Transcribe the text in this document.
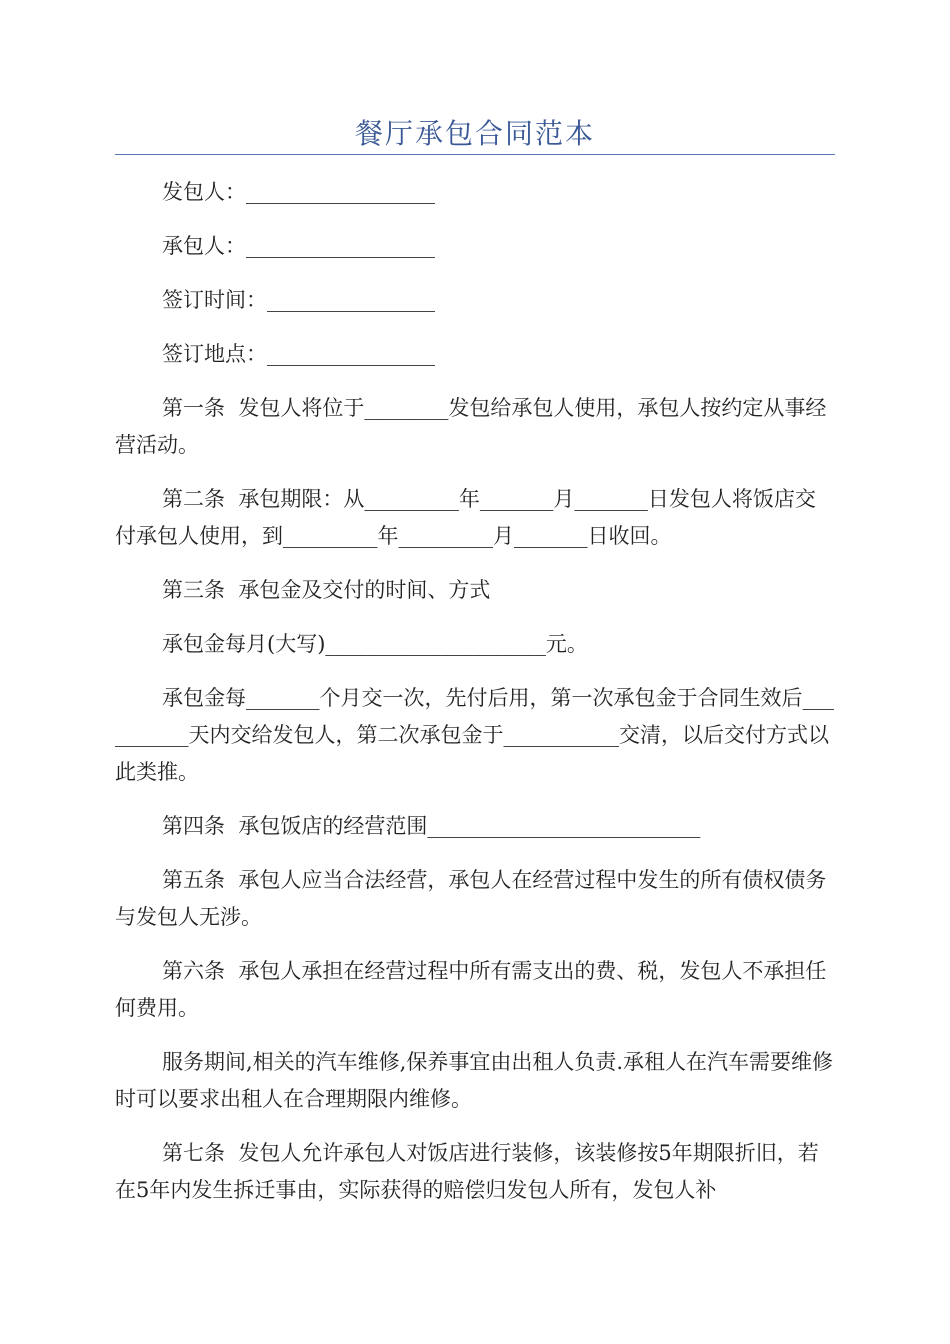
餐厅承包合同范本

发包人：__________________

承包人：__________________

签订时间：________________

签订地点：________________

第一条  发包人将位于________发包给承包人使用，承包人按约定从事经营活动。

第二条  承包期限：从_________年_______月_______日发包人将饭店交付承包人使用，到_________年_________月_______日收回。

第三条  承包金及交付的时间、方式

承包金每月(大写)_____________________元。

承包金每_______个月交一次，先付后用，第一次承包金于合同生效后__________天内交给发包人，第二次承包金于___________交清，以后交付方式以此类推。

第四条  承包饭店的经营范围__________________________

第五条  承包人应当合法经营，承包人在经营过程中发生的所有债权债务与发包人无涉。

第六条  承包人承担在经营过程中所有需支出的费、税，发包人不承担任何费用。

服务期间,相关的汽车维修,保养事宜由出租人负责.承租人在汽车需要维修时可以要求出租人在合理期限内维修。

第七条  发包人允许承包人对饭店进行装修，该装修按5年期限折旧，若在5年内发生拆迁事由，实际获得的赔偿归发包人所有，发包人补
